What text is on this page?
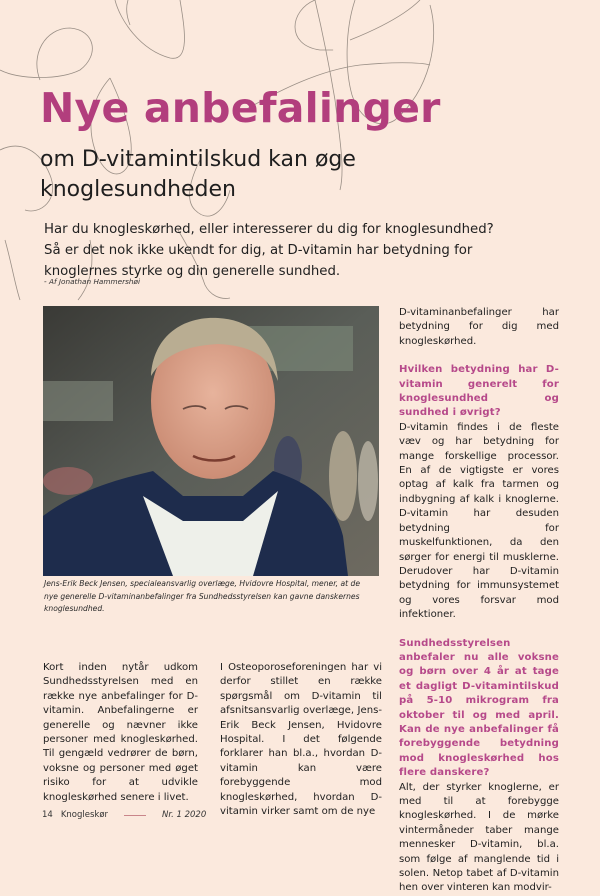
Nye anbefalinger
om D-vitamintilskud kan øge knoglesundheden

Har du knogleskørhed, eller interesserer du dig for knoglesundhed? Så er det nok ikke ukendt for dig, at D-vitamin har betydning for knoglernes styrke og din generelle sundhed.

- Af Jonathan Hammershøi
Jens-Erik Beck Jensen, specialeansvarlig overlæge, Hvidovre Hospital, mener, at de nye generelle D-vitaminanbefalinger fra Sundhedsstyrelsen kan gavne danskernes knoglesundhed.

Kort inden nytår udkom Sundhedsstyrelsen med en række nye anbefalinger for D-vitamin. Anbefalingerne er generelle og nævner ikke personer med knogleskørhed. Til gengæld vedrører de børn, voksne og personer med øget risiko for at udvikle knogleskørhed senere i livet.

I Osteoporoseforeningen har vi derfor stillet en række spørgsmål om D-vitamin til afsnitsansvarlig overlæge, Jens-Erik Beck Jensen, Hvidovre Hospital. I det følgende forklarer han bl.a., hvordan D-vitamin kan være forebyggende mod knogleskørhed, hvordan D-vitamin virker samt om de nye

D-vitaminanbefalinger har betydning for dig med knogleskørhed.

Hvilken betydning har D-vitamin generelt for knoglesundhed og sundhed i øvrigt?

D-vitamin findes i de fleste væv og har betydning for mange forskellige processor. En af de vigtigste er vores optag af kalk fra tarmen og indbygning af kalk i knoglerne. D-vitamin har desuden betydning for muskelfunktionen, da den sørger for energi til musklerne. Derudover har D-vitamin betydning for immunsystemet og vores forsvar mod infektioner.

Sundhedsstyrelsen anbefaler nu alle voksne og børn over 4 år at tage et dagligt D-vitamintilskud på 5-10 mikrogram fra oktober til og med april. Kan de nye anbefalinger få forebyggende betydning mod knogleskørhed hos flere danskere?

Alt, der styrker knoglerne, er med til at forebygge knogleskørhed. I de mørke vintermåneder taber mange mennesker D-vitamin, bl.a. som følge af manglende tid i solen. Netop tabet af D-vitamin hen over vinteren kan modvir-

14 Knogleskør	Nr. 1 2020
